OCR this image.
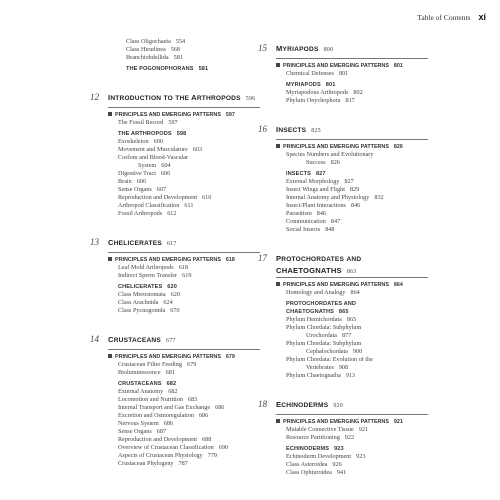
Table of Contents xi
Class Oligochaeta 554
Class Hirudinea 568
Branchiobdellida 581
THE POGONOPHORANS 581
12 INTRODUCTION TO THE ARTHROPODS 596
PRINCIPLES AND EMERGING PATTERNS 597
The Fossil Record 597
THE ARTHROPODS 598
Exoskeleton 600
Movement and Musculature 603
Coelom and Blood-Vascular
System 604
Digestive Tract 606
Brain 606
Sense Organs 607
Reproduction and Development 610
Arthropod Classification 611
Fossil Arthropods 612
13 CHELICERATES 617
PRINCIPLES AND EMERGING PATTERNS 618
Leaf Mold Arthropods 618
Indirect Sperm Transfer 619
CHELICERATES 620
Class Merostomata 620
Class Arachnida 624
Class Pycnogonida 670
14 CRUSTACEANS 677
PRINCIPLES AND EMERGING PATTERNS 679
Crustacean Filter Feeding 679
Bioluminescence 681
CRUSTACEANS 682
External Anatomy 682
Locomotion and Nutrition 683
Internal Transport and Gas Exchange 686
Excretion and Osmoregulation 686
Nervous System 686
Sense Organs 687
Reproduction and Development 688
Overview of Crustacean Classification 690
Aspects of Crustacean Physiology 779
Crustacean Phylogeny 787
15 MYRIAPODS 800
PRINCIPLES AND EMERGING PATTERNS 801
Chemical Defenses 801
MYRIAPODS 801
Myriapodous Arthropods 802
Phylum Onychophora 817
16 INSECTS 825
PRINCIPLES AND EMERGING PATTERNS 826
Species Numbers and Evolutionary
Success 826
INSECTS 827
External Morphology 827
Insect Wings and Flight 829
Internal Anatomy and Physiology 832
Insect/Plant Interactions 846
Parasitism 846
Communication 847
Social Insects 848
17 PROTOCHORDATES AND
CHAETOGNATHS 863
PRINCIPLES AND EMERGING PATTERNS 864
Homology and Analogy 864
PROTOCHORDATES AND
CHAETOGNATHS 865
Phylum Hemichordata 865
Phylum Chordata: Subphylum
Urochordata 877
Phylum Chordata: Subphylum
Cephalochordata 900
Phylum Chordata: Evolution of the
Vertebrates 908
Phylum Chaetognatha 913
18 ECHINODERMS 920
PRINCIPLES AND EMERGING PATTERNS 921
Mutable Connective Tissue 921
Resource Partitioning 922
ECHINODERMS 923
Echinoderm Development 923
Class Asteroidea 926
Class Ophiuroidea 941
